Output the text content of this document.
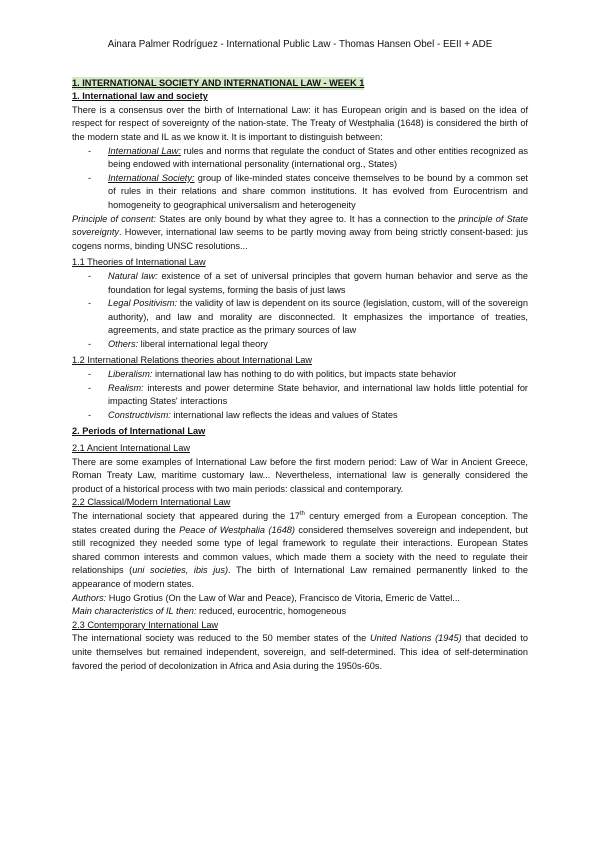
Ainara Palmer Rodríguez - International Public Law - Thomas Hansen Obel - EEII + ADE
1. INTERNATIONAL SOCIETY AND INTERNATIONAL LAW - WEEK 1
1. International law and society

There is a consensus over the birth of International Law: it has European origin and is based on the idea of respect for respect of sovereignty of the nation-state. The Treaty of Westphalia (1648) is considered the birth of the modern state and IL as we know it. It is important to distinguish between:

- International Law: rules and norms that regulate the conduct of States and other entities recognized as being endowed with international personality (international org., States)
- International Society: group of like-minded states conceive themselves to be bound by a common set of rules in their relations and share common institutions. It has evolved from Eurocentrism and homogeneity to geographical universalism and heterogeneity

Principle of consent: States are only bound by what they agree to. It has a connection to the principle of State sovereignty. However, international law seems to be partly moving away from being strictly consent-based: jus cogens norms, binding UNSC resolutions...

1.1 Theories of International Law
- Natural law: existence of a set of universal principles that govern human behavior and serve as the foundation for legal systems, forming the basis of just laws
- Legal Positivism: the validity of law is dependent on its source (legislation, custom, will of the sovereign authority), and law and morality are disconnected. It emphasizes the importance of treaties, agreements, and state practice as the primary sources of law
- Others: liberal international legal theory
1.2 International Relations theories about International Law
- Liberalism: international law has nothing to do with politics, but impacts state behavior
- Realism: interests and power determine State behavior, and international law holds little potential for impacting States' interactions
- Constructivism: international law reflects the ideas and values of States
2. Periods of International Law
2.1 Ancient International Law

There are some examples of International Law before the first modern period: Law of War in Ancient Greece, Roman Treaty Law, maritime customary law... Nevertheless, international law is generally considered the product of a historical process with two main periods: classical and contemporary.

2.2 Classical/Modern International Law

The international society that appeared during the 17th century emerged from a European conception. The states created during the Peace of Westphalia (1648) considered themselves sovereign and independent, but still recognized they needed some type of legal framework to regulate their interactions. European States shared common interests and common values, which made them a society with the need to regulate their relationships (uni societies, ibis jus). The birth of International Law remained permanently linked to the appearance of modern states.

Authors: Hugo Grotius (On the Law of War and Peace), Francisco de Vitoria, Emeric de Vattel...

Main characteristics of IL then: reduced, eurocentric, homogeneous

2.3 Contemporary International Law

The international society was reduced to the 50 member states of the United Nations (1945) that decided to unite themselves but remained independent, sovereign, and self-determined. This idea of self-determination favored the period of decolonization in Africa and Asia during the 1950s-60s.
